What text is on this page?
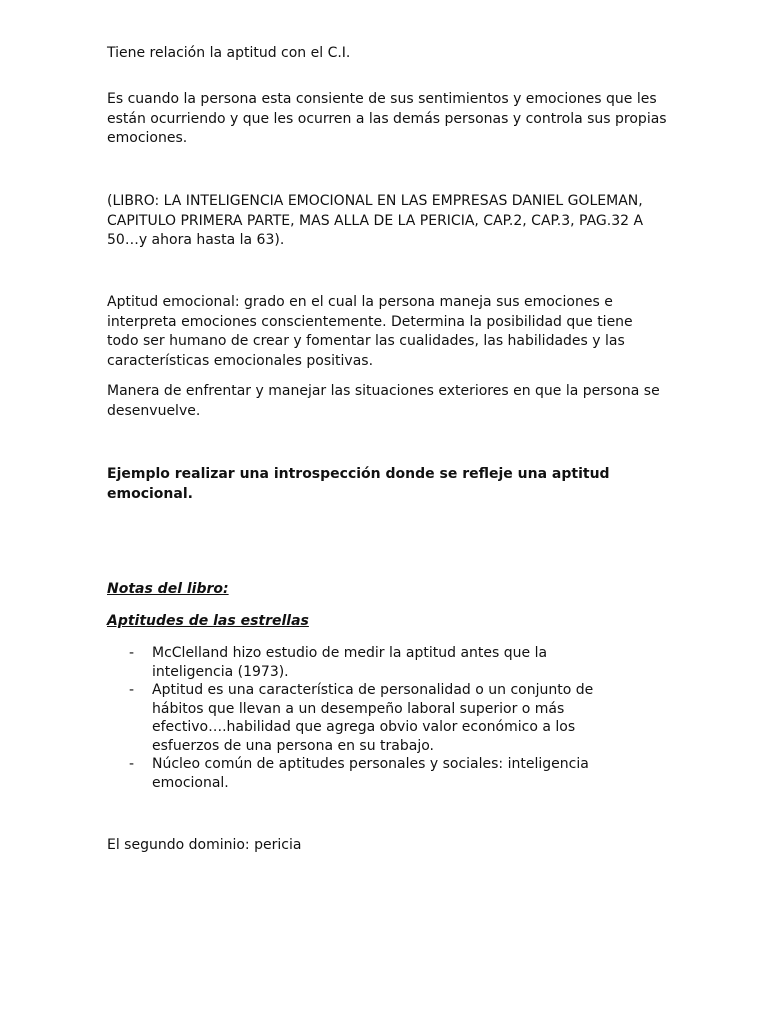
Tiene relación la aptitud con el C.I.

Es cuando la persona esta consiente de sus sentimientos y emociones que les están ocurriendo y que les ocurren a las demás personas y controla sus propias emociones.

(LIBRO: LA INTELIGENCIA EMOCIONAL EN LAS EMPRESAS DANIEL GOLEMAN, CAPITULO PRIMERA PARTE, MAS ALLA DE LA PERICIA, CAP.2, CAP.3, PAG.32 A 50…y ahora hasta la 63).

Aptitud emocional: grado en el cual la persona maneja sus emociones e interpreta emociones conscientemente. Determina la posibilidad que tiene todo ser humano de crear y fomentar las cualidades, las habilidades y las características emocionales positivas.

Manera de enfrentar y manejar las situaciones exteriores en que la persona se desenvuelve.

Ejemplo realizar una introspección donde se refleje una aptitud emocional.

Notas del libro:

Aptitudes de las estrellas

- McClelland hizo estudio de medir la aptitud antes que la inteligencia (1973).
- Aptitud es una característica de personalidad o un conjunto de hábitos que llevan a un desempeño laboral superior o más efectivo….habilidad que agrega obvio valor económico a los esfuerzos de una persona en su trabajo.
- Núcleo común de aptitudes personales y sociales: inteligencia emocional.

El segundo dominio: pericia
